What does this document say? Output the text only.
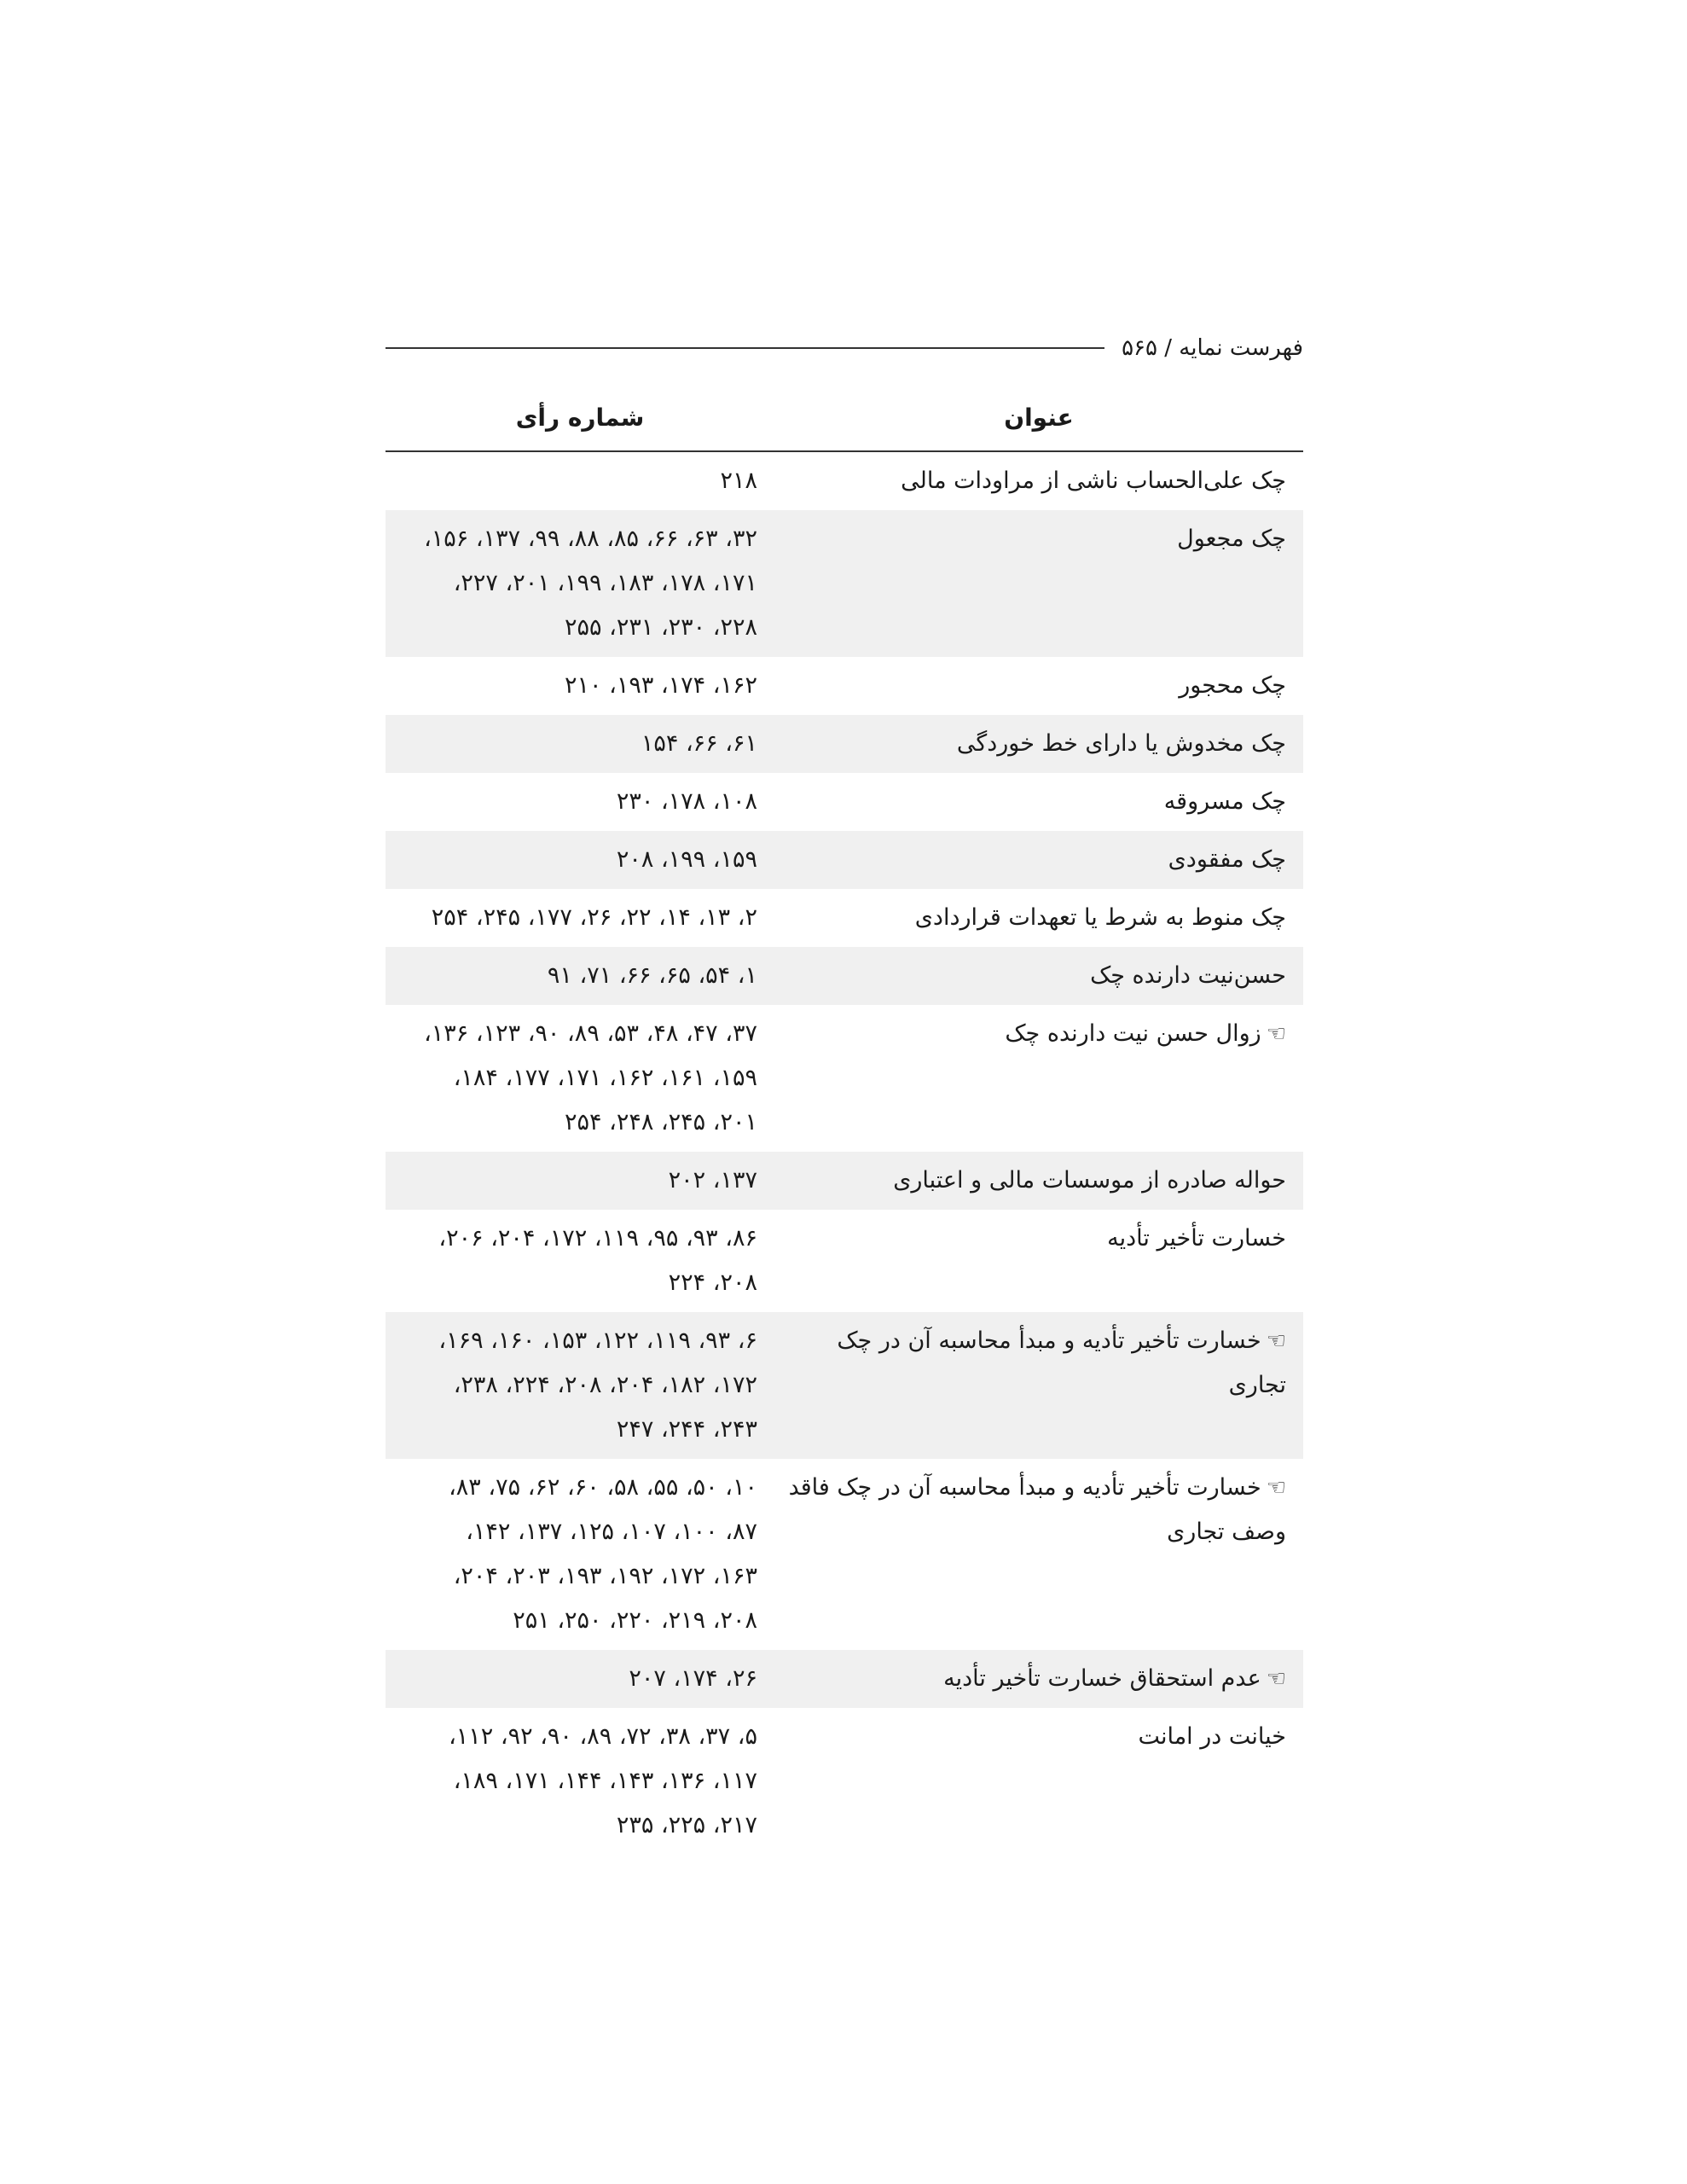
فهرست نمایه / ۵۶۵
عنوان
شماره رأی
چک علی‌الحساب ناشی از مراودات مالی
۲۱۸
چک مجعول
۳۲، ۶۳، ۶۶، ۸۵، ۸۸، ۹۹، ۱۳۷، ۱۵۶،
۱۷۱، ۱۷۸، ۱۸۳، ۱۹۹، ۲۰۱، ۲۲۷،
۲۲۸، ۲۳۰، ۲۳۱، ۲۵۵
چک محجور
۱۶۲، ۱۷۴، ۱۹۳، ۲۱۰
چک مخدوش یا دارای خط خوردگی
۶۱، ۶۶، ۱۵۴
چک مسروقه
۱۰۸، ۱۷۸، ۲۳۰
چک مفقودی
۱۵۹، ۱۹۹، ۲۰۸
چک منوط به شرط یا تعهدات قراردادی
۲، ۱۳، ۱۴، ۲۲، ۲۶، ۱۷۷، ۲۴۵، ۲۵۴
حسن‌نیت دارنده چک
۱، ۵۴، ۶۵، ۶۶، ۷۱، ۹۱
☜زوال حسن نیت دارنده چک
۳۷، ۴۷، ۴۸، ۵۳، ۸۹، ۹۰، ۱۲۳، ۱۳۶،
۱۵۹، ۱۶۱، ۱۶۲، ۱۷۱، ۱۷۷، ۱۸۴،
۲۰۱، ۲۴۵، ۲۴۸، ۲۵۴
حواله صادره از موسسات مالی و اعتباری
۱۳۷، ۲۰۲
خسارت تأخیر تأدیه
۸۶، ۹۳، ۹۵، ۱۱۹، ۱۷۲، ۲۰۴، ۲۰۶،
۲۰۸، ۲۲۴
☜خسارت تأخیر تأدیه و مبدأ محاسبه آن در چک تجاری
۶، ۹۳، ۱۱۹، ۱۲۲، ۱۵۳، ۱۶۰، ۱۶۹،
۱۷۲، ۱۸۲، ۲۰۴، ۲۰۸، ۲۲۴، ۲۳۸،
۲۴۳، ۲۴۴، ۲۴۷
☜خسارت تأخیر تأدیه و مبدأ محاسبه آن در چک فاقد وصف تجاری
۱۰، ۵۰، ۵۵، ۵۸، ۶۰، ۶۲، ۷۵، ۸۳،
۸۷، ۱۰۰، ۱۰۷، ۱۲۵، ۱۳۷، ۱۴۲،
۱۶۳، ۱۷۲، ۱۹۲، ۱۹۳، ۲۰۳، ۲۰۴،
۲۰۸، ۲۱۹، ۲۲۰، ۲۵۰، ۲۵۱
☜عدم استحقاق خسارت تأخیر تأدیه
۲۶، ۱۷۴، ۲۰۷
خیانت در امانت
۵، ۳۷، ۳۸، ۷۲، ۸۹، ۹۰، ۹۲، ۱۱۲،
۱۱۷، ۱۳۶، ۱۴۳، ۱۴۴، ۱۷۱، ۱۸۹،
۲۱۷، ۲۲۵، ۲۳۵
